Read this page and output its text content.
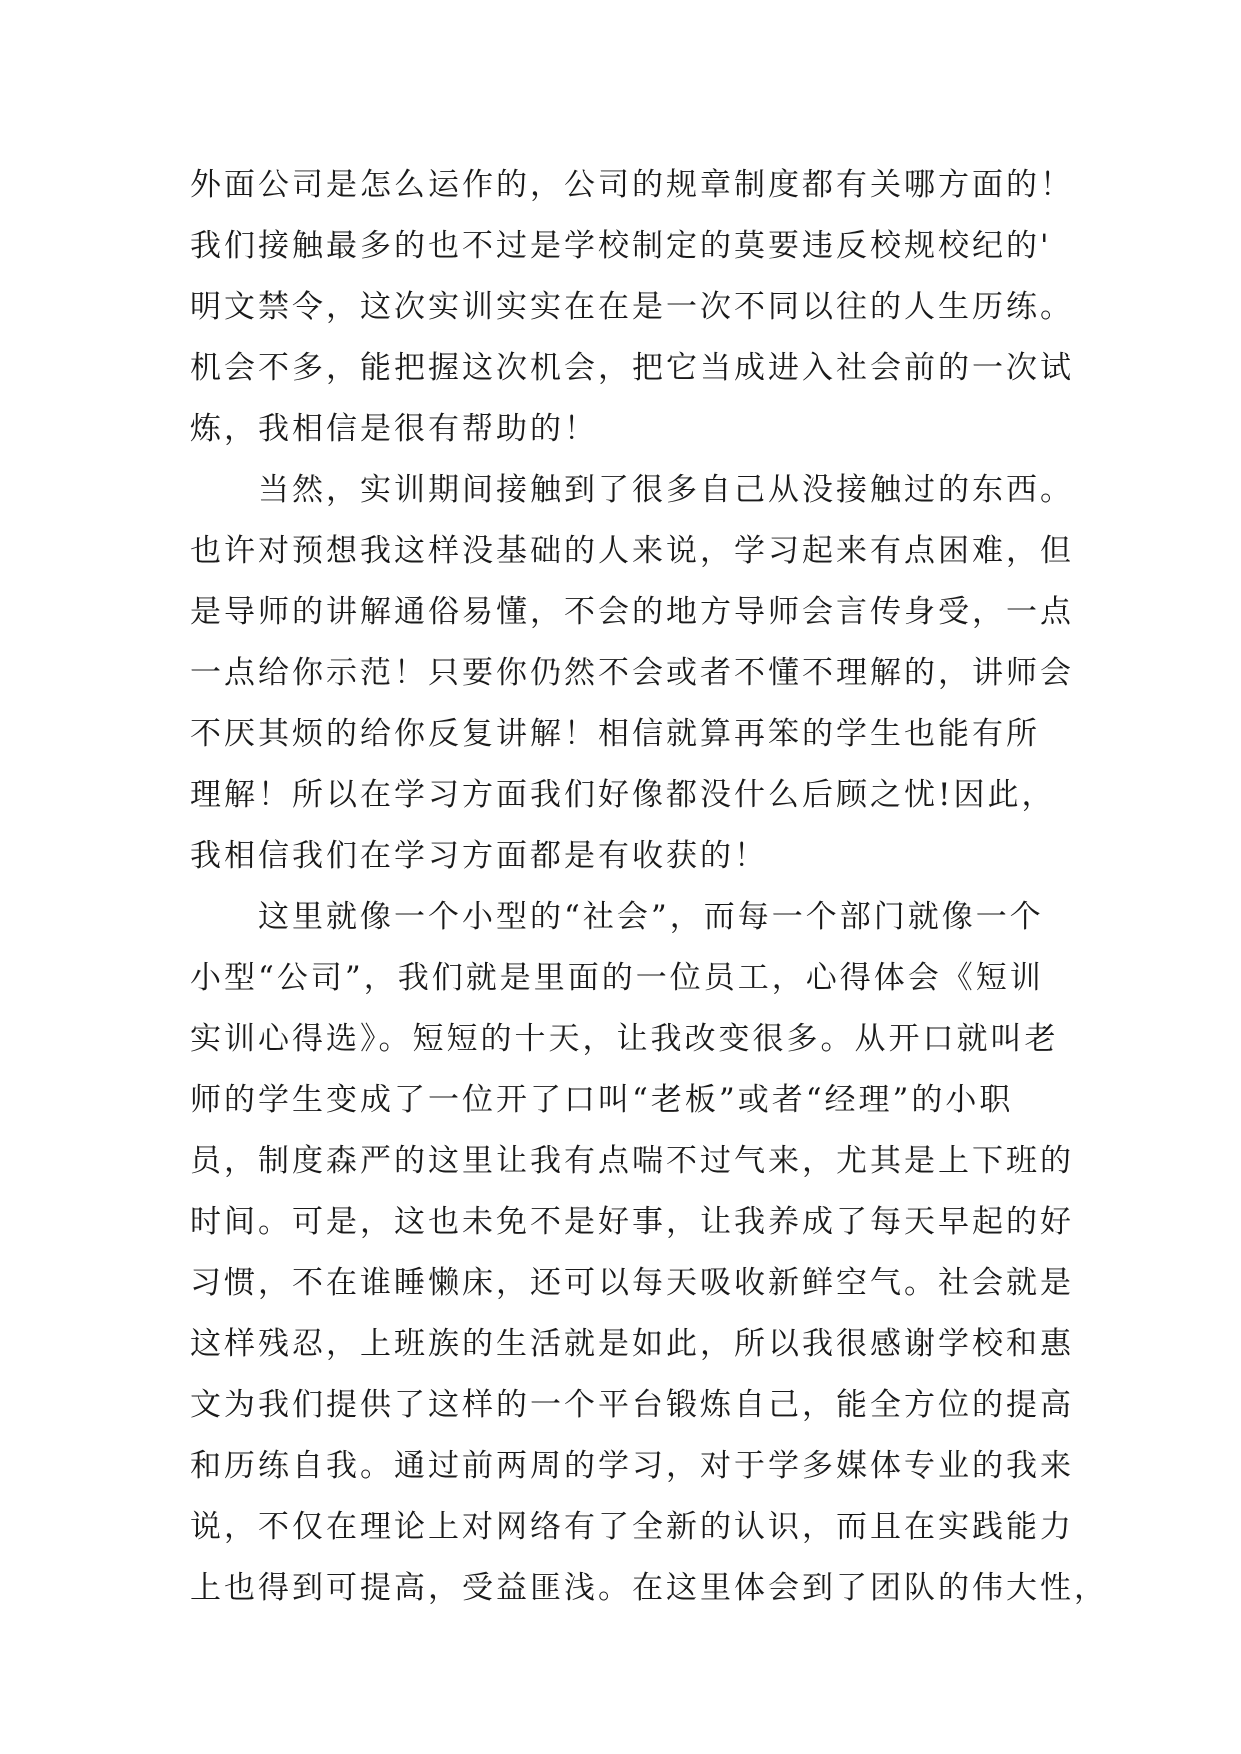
外面公司是怎么运作的，公司的规章制度都有关哪方面的！
我们接触最多的也不过是学校制定的莫要违反校规校纪的'
明文禁令，这次实训实实在在是一次不同以往的人生历练。
机会不多，能把握这次机会，把它当成进入社会前的一次试
炼，我相信是很有帮助的！
　　当然，实训期间接触到了很多自己从没接触过的东西。
也许对预想我这样没基础的人来说，学习起来有点困难，但
是导师的讲解通俗易懂，不会的地方导师会言传身受，一点
一点给你示范！只要你仍然不会或者不懂不理解的，讲师会
不厌其烦的给你反复讲解！相信就算再笨的学生也能有所
理解！所以在学习方面我们好像都没什么后顾之忧!因此，
我相信我们在学习方面都是有收获的！
　　这里就像一个小型的“社会”，而每一个部门就像一个
小型“公司”，我们就是里面的一位员工，心得体会《短训
实训心得选》。短短的十天，让我改变很多。从开口就叫老
师的学生变成了一位开了口叫“老板”或者“经理”的小职
员，制度森严的这里让我有点喘不过气来，尤其是上下班的
时间。可是，这也未免不是好事，让我养成了每天早起的好
习惯，不在谁睡懒床，还可以每天吸收新鲜空气。社会就是
这样残忍，上班族的生活就是如此，所以我很感谢学校和惠
文为我们提供了这样的一个平台锻炼自己，能全方位的提高
和历练自我。通过前两周的学习，对于学多媒体专业的我来
说，不仅在理论上对网络有了全新的认识，而且在实践能力
上也得到可提高，受益匪浅。在这里体会到了团队的伟大性，
